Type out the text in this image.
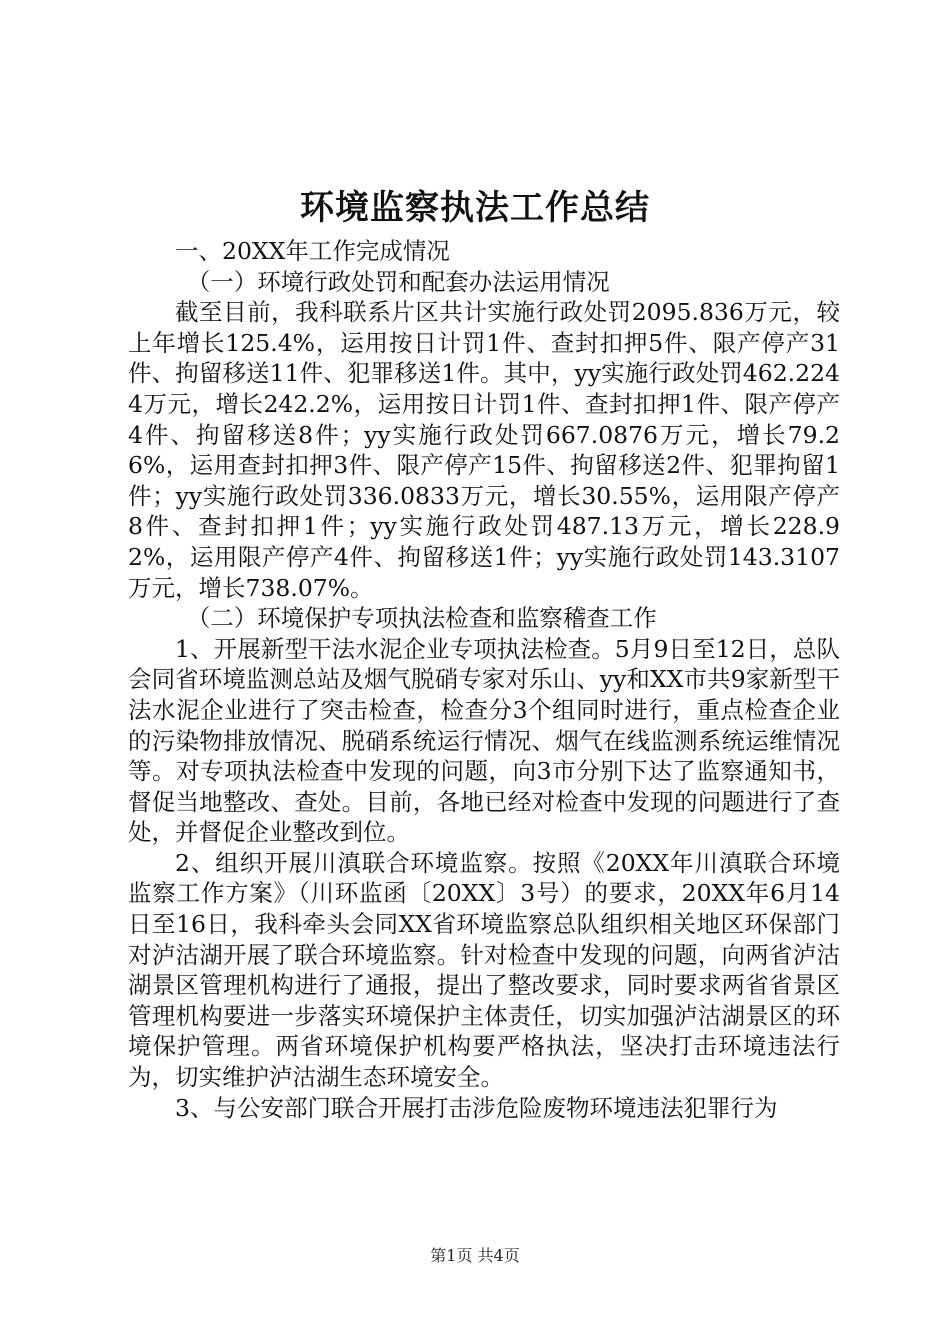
环境监察执法工作总结

一、20XX年工作完成情况

（一）环境行政处罚和配套办法运用情况

截至目前，我科联系片区共计实施行政处罚2095.836万元，较上年增长125.4%，运用按日计罚1件、查封扣押5件、限产停产31件、拘留移送11件、犯罪移送1件。其中，yy实施行政处罚462.2244万元，增长242.2%，运用按日计罚1件、查封扣押1件、限产停产4件、拘留移送8件；yy实施行政处罚667.0876万元，增长79.26%，运用查封扣押3件、限产停产15件、拘留移送2件、犯罪拘留1件；yy实施行政处罚336.0833万元，增长30.55%，运用限产停产8件、查封扣押1件；yy实施行政处罚487.13万元，增长228.92%，运用限产停产4件、拘留移送1件；yy实施行政处罚143.3107万元，增长738.07%。

（二）环境保护专项执法检查和监察稽查工作

1、开展新型干法水泥企业专项执法检查。5月9日至12日，总队会同省环境监测总站及烟气脱硝专家对乐山、yy和XX市共9家新型干法水泥企业进行了突击检查，检查分3个组同时进行，重点检查企业的污染物排放情况、脱硝系统运行情况、烟气在线监测系统运维情况等。对专项执法检查中发现的问题，向3市分别下达了监察通知书，督促当地整改、查处。目前，各地已经对检查中发现的问题进行了查处，并督促企业整改到位。

2、组织开展川滇联合环境监察。按照《20XX年川滇联合环境监察工作方案》（川环监函〔20XX〕3号）的要求，20XX年6月14日至16日，我科牵头会同XX省环境监察总队组织相关地区环保部门对泸沽湖开展了联合环境监察。针对检查中发现的问题，向两省泸沽湖景区管理机构进行了通报，提出了整改要求，同时要求两省省景区管理机构要进一步落实环境保护主体责任，切实加强泸沽湖景区的环境保护管理。两省环境保护机构要严格执法，坚决打击环境违法行为，切实维护泸沽湖生态环境安全。

3、与公安部门联合开展打击涉危险废物环境违法犯罪行为

第1页 共4页
